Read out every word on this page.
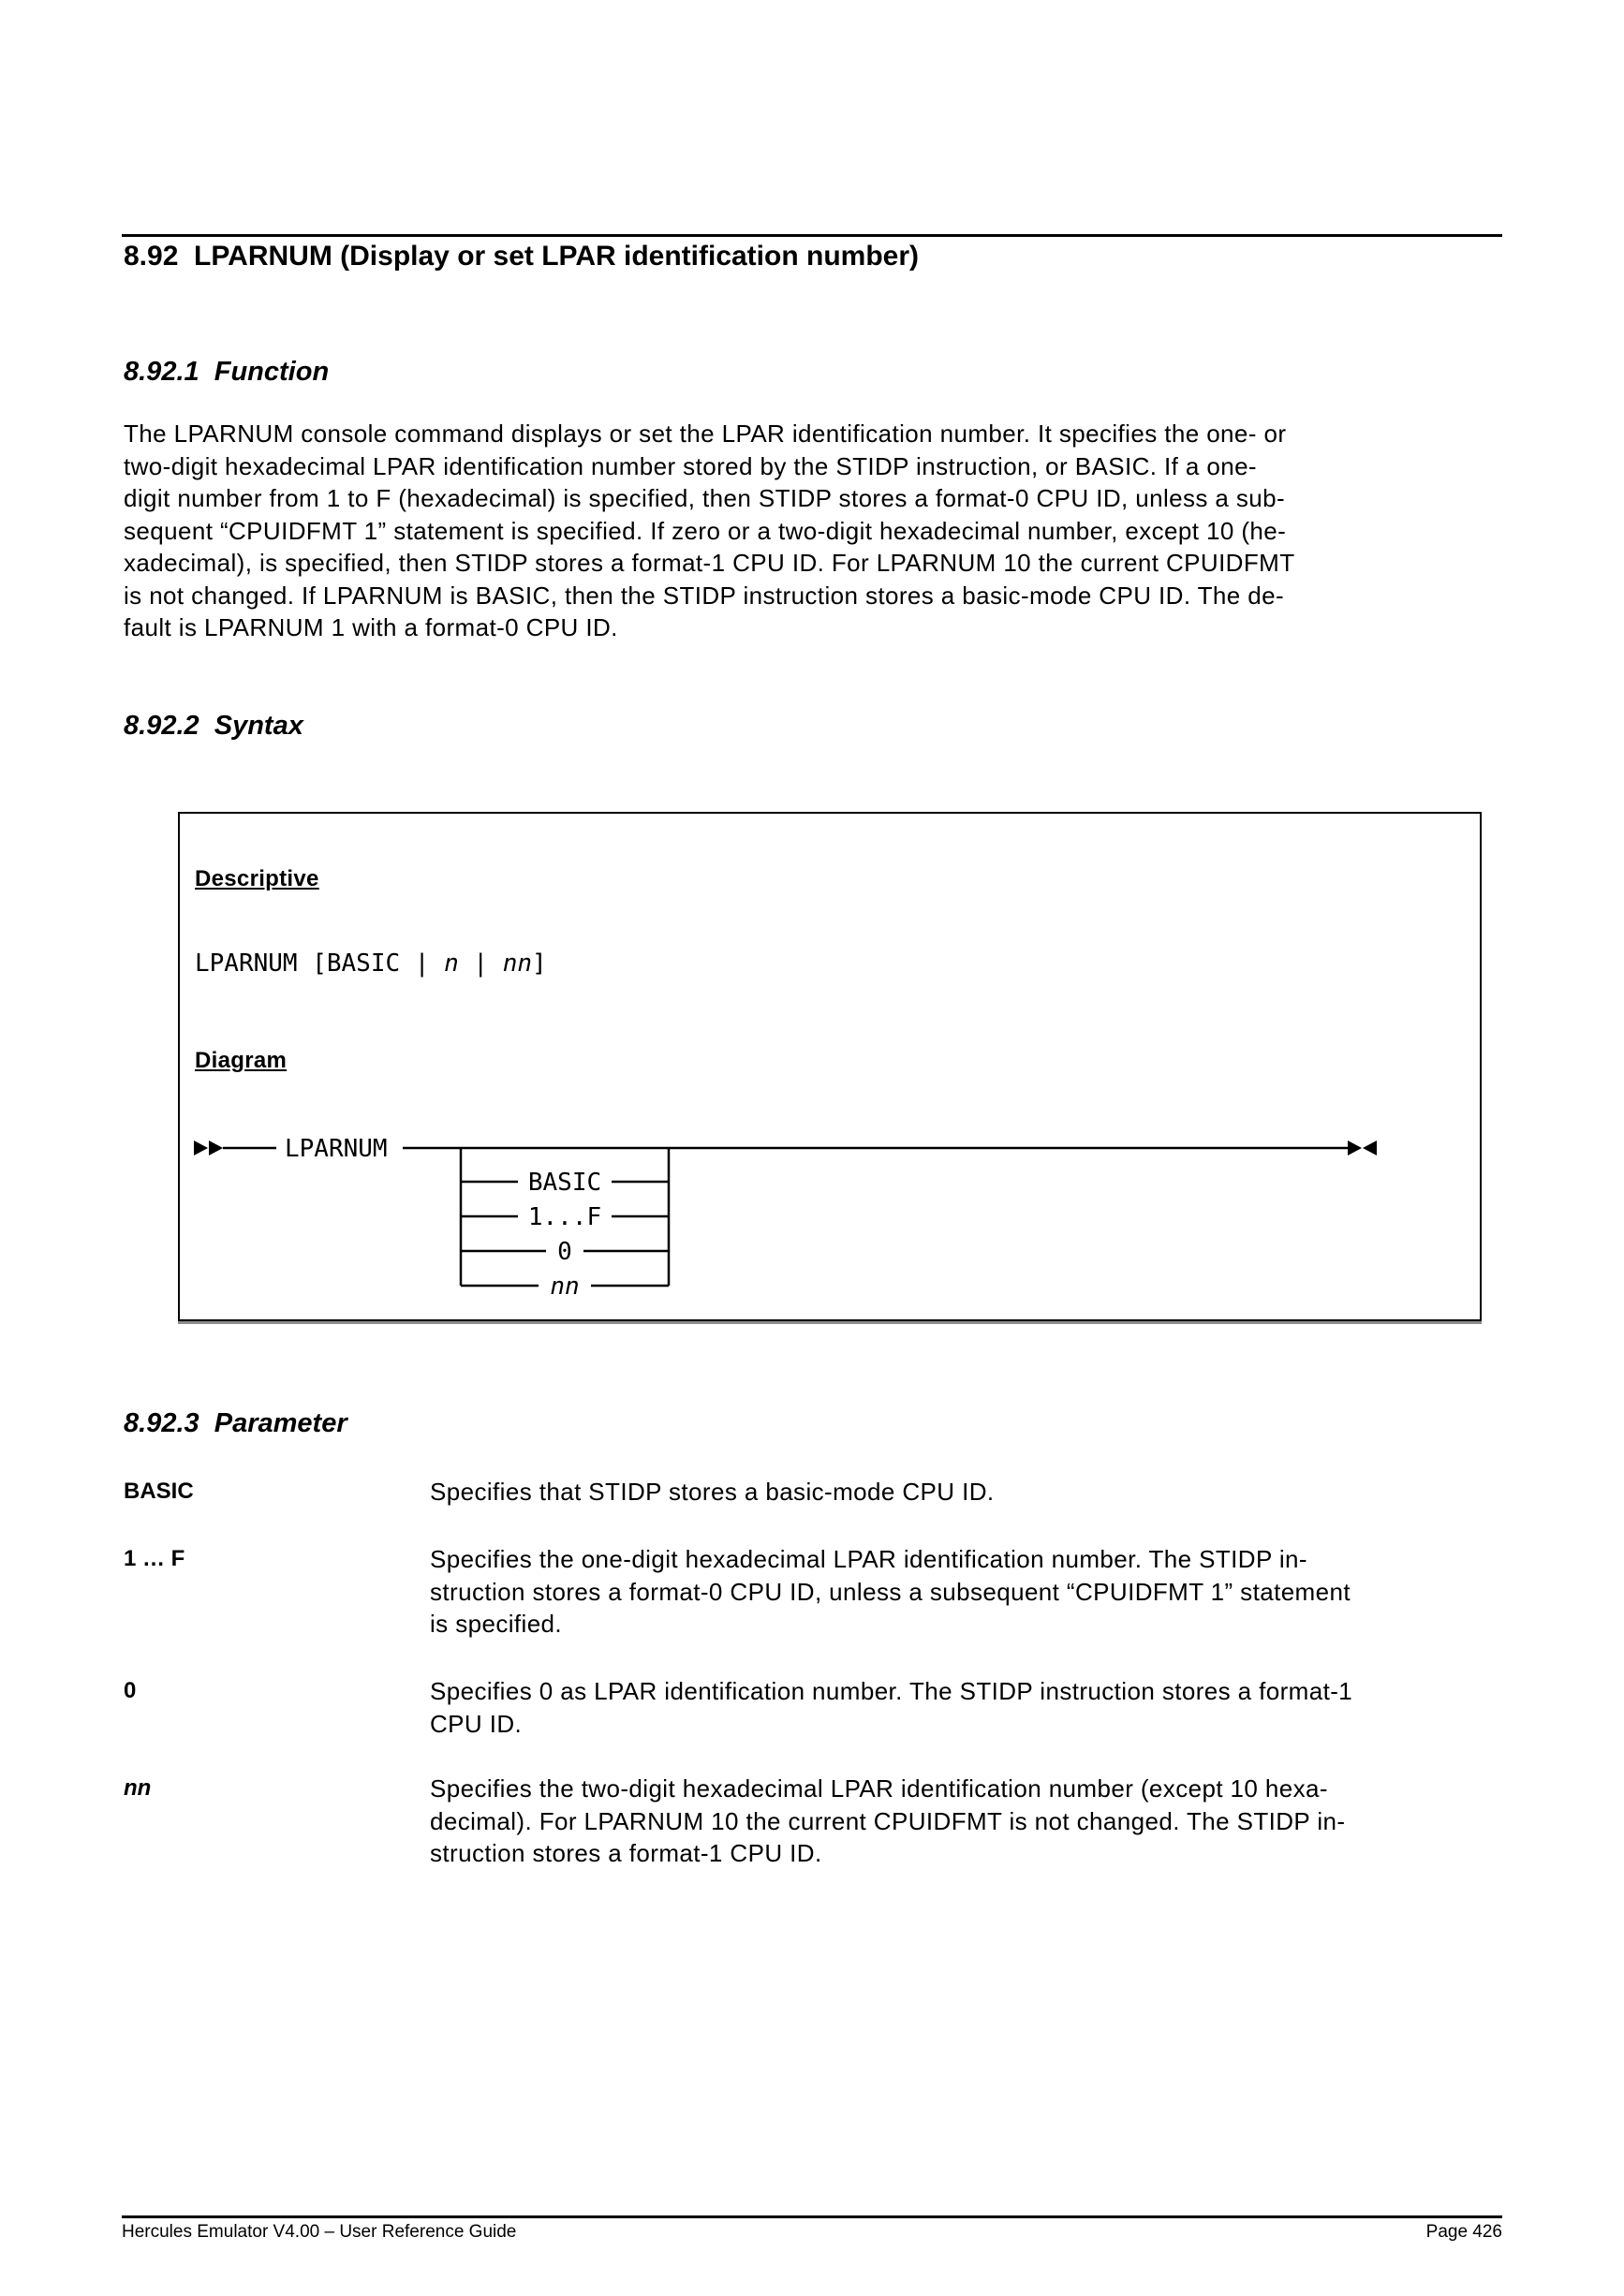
8.92  LPARNUM (Display or set LPAR identification number)
8.92.1  Function
The LPARNUM console command displays or set the LPAR identification number. It specifies the one- or
two-digit hexadecimal LPAR identification number stored by the STIDP instruction, or BASIC. If a one-
digit number from 1 to F (hexadecimal) is specified, then STIDP stores a format-0 CPU ID, unless a sub-
sequent “CPUIDFMT 1” statement is specified. If zero or a two-digit hexadecimal number, except 10 (he-
xadecimal), is specified, then STIDP stores a format-1 CPU ID. For LPARNUM 10 the current CPUIDFMT
is not changed. If LPARNUM is BASIC, then the STIDP instruction stores a basic-mode CPU ID. The de-
fault is LPARNUM 1 with a format-0 CPU ID.
8.92.2  Syntax
Descriptive
LPARNUM [BASIC | n | nn]
Diagram
LPARNUM
BASIC
1...F
0
nn
8.92.3  Parameter
BASIC	Specifies that STIDP stores a basic-mode CPU ID.
1 … F	Specifies the one-digit hexadecimal LPAR identification number. The STIDP in-
struction stores a format-0 CPU ID, unless a subsequent “CPUIDFMT 1” statement
is specified.
0	Specifies 0 as LPAR identification number. The STIDP instruction stores a format-1
CPU ID.
nn	Specifies the two-digit hexadecimal LPAR identification number (except 10 hexa-
decimal). For LPARNUM 10 the current CPUIDFMT is not changed. The STIDP in-
struction stores a format-1 CPU ID.
Hercules Emulator V4.00 – User Reference Guide	Page 426
